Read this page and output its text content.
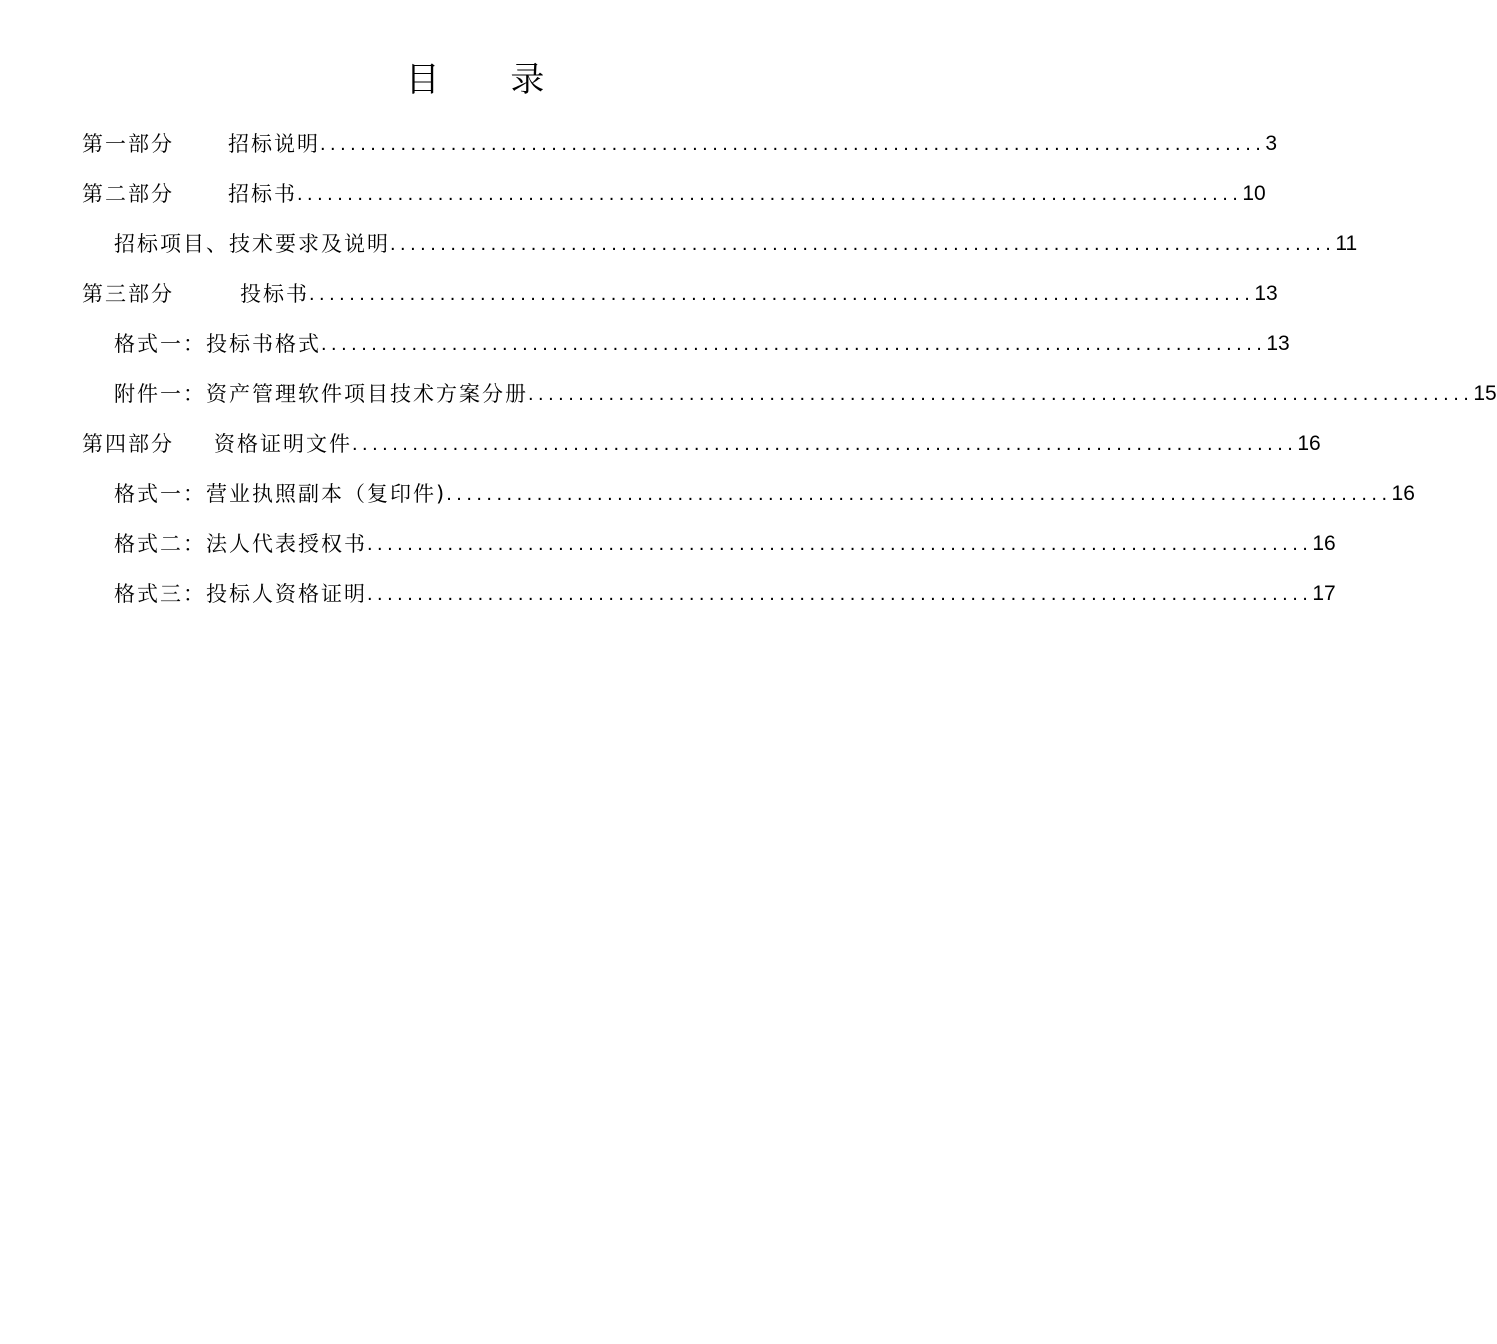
目 录
第一部分	招标说明 .............................................................................................. 3
第二部分	招标书 .............................................................................................. 10
招标项目、技术要求及说明 .............................................................................................. 11
第三部分	投标书 .............................................................................................. 13
格式一：投标书格式 .............................................................................................. 13
附件一：资产管理软件项目技术方案分册 .............................................................................................. 15
第四部分 资格证明文件 .............................................................................................. 16
格式一：营业执照副本（复印件) .............................................................................................. 16
格式二：法人代表授权书 .............................................................................................. 16
格式三：投标人资格证明 .............................................................................................. 17
